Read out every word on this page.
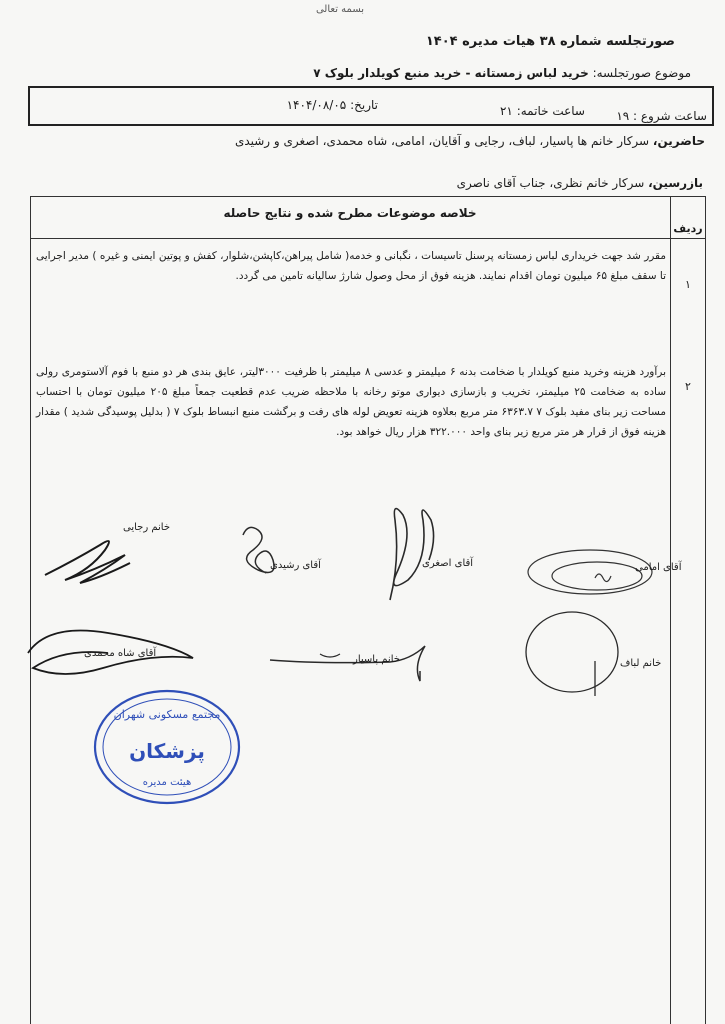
بسمه تعالی
صورتجلسه شماره ۳۸ هیات مدیره ۱۴۰۴
موضوع صورتجلسه: خرید لباس زمستانه - خرید منبع کویلدار بلوک ۷
ساعت شروع : ۱۹
ساعت خاتمه: ۲۱
تاریخ: ۱۴۰۴/۰۸/۰۵
حاضرین، سرکار خانم ها پاسیار، لباف، رجایی و آقایان، امامی، شاه محمدی، اصغری و رشیدی
بازرسین، سرکار خانم نظری، جناب آقای ناصری
ردیف
خلاصه موضوعات مطرح شده و نتایج حاصله
۱
مقرر شد جهت خریداری لباس زمستانه پرسنل تاسیسات ، نگبانی و خدمه( شامل پیراهن،کاپشن،شلوار، کفش و پوتین ایمنی و غیره ) مدیر اجرایی تا سقف مبلغ ۶۵ میلیون تومان اقدام نمایند. هزینه فوق از محل وصول شارژ سالیانه تامین می گردد.
۲
برآورد هزینه وخرید منبع کویلدار با ضخامت بدنه ۶ میلیمتر و عدسی ۸ میلیمتر با ظرفیت ۳۰۰۰لیتر، عایق بندی هر دو منبع با فوم آلاستومری رولی ساده به ضخامت ۲۵ میلیمتر، تخریب و بازسازی دیواری موتو رخانه با ملاحظه ضریب عدم قطعیت جمعاً مبلغ ۲۰۵ میلیون تومان با احتساب مساحت زیر بنای مفید بلوک ۷ ۶۳۶۳.۷ متر مربع بعلاوه هزینه تعویض لوله های رفت و برگشت منبع انبساط بلوک ۷ ( بدلیل پوسیدگی شدید ) مقدار هزینه فوق از قرار هر متر مربع زیر بنای واحد ۳۲۲.۰۰۰ هزار ریال خواهد بود.
آقای امامی
آقای اصغری
آقای رشیدی
خانم رجایی
خانم لباف
خانم پاسیار
آقای شاه محمدی
مجتمع مسکونی شهران
پزشکان
هیئت مدیره
